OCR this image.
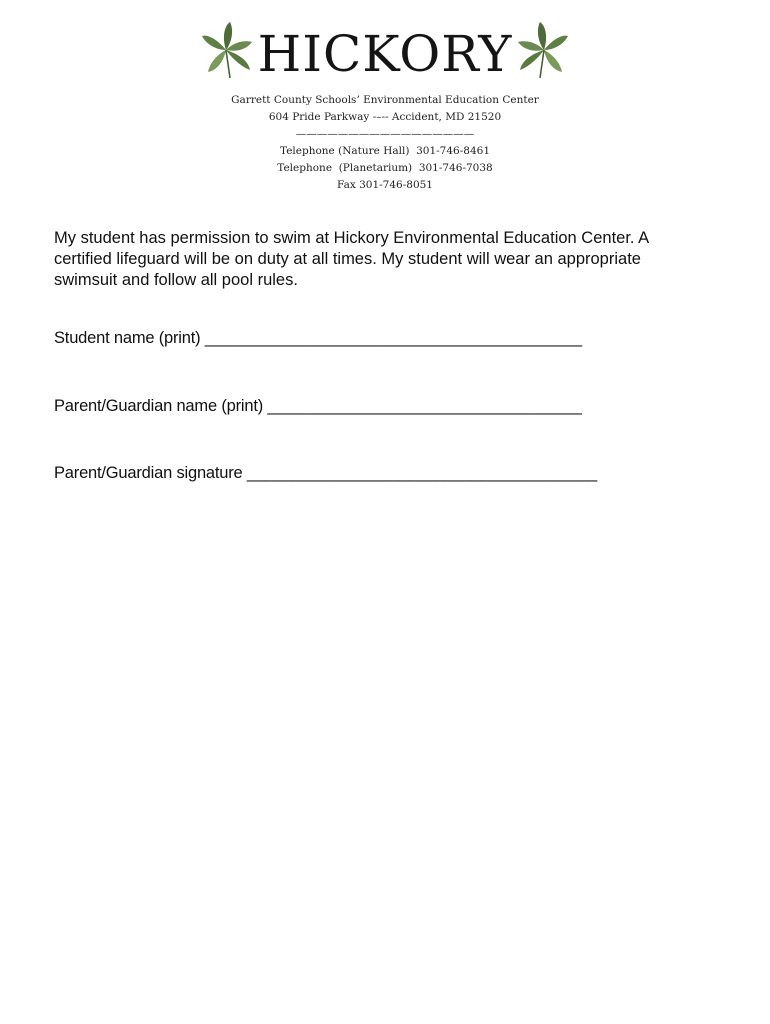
HICKORY
Garrett County Schools’ Environmental Education Center
604 Pride Parkway -–-- Accident, MD 21520
—————————————————
Telephone (Nature Hall)  301-746-8461
Telephone  (Planetarium)  301-746-7038
Fax 301-746-8051
My student has permission to swim at Hickory Environmental Education Center. A
certified lifeguard will be on duty at all times. My student will wear an appropriate
swimsuit and follow all pool rules.
Student name (print) __________________________________________
Parent/Guardian name (print) ___________________________________
Parent/Guardian signature _______________________________________
